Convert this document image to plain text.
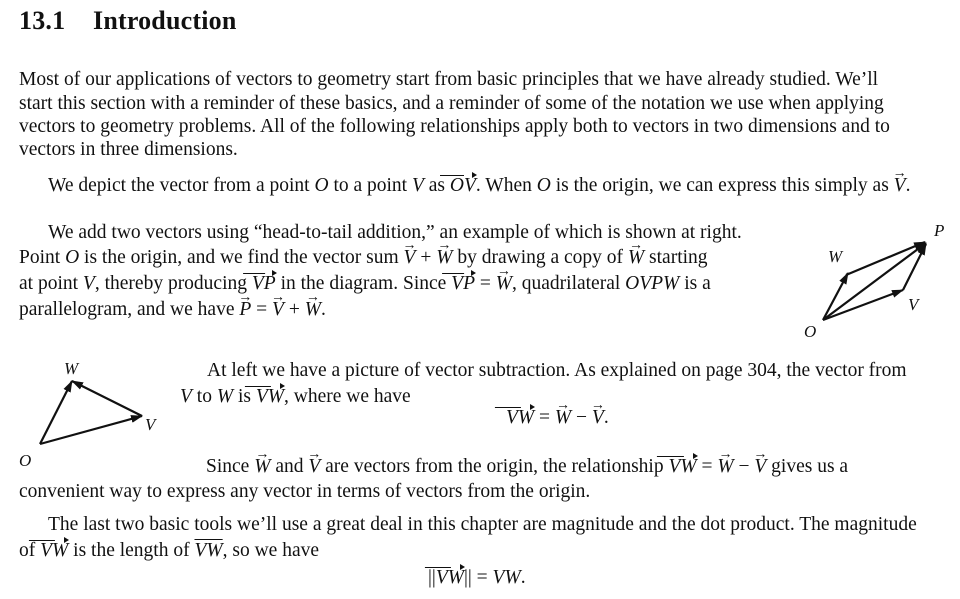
13.1 Introduction
Most of our applications of vectors to geometry start from basic principles that we have already studied. We’ll
start this section with a reminder of these basics, and a reminder of some of the notation we use when applying
vectors to geometry problems. All of the following relationships apply both to vectors in two dimensions and to
vectors in three dimensions.
We depict the vector from a point O to a point V as OV. When O is the origin, we can express this simply as → V.
We add two vectors using “head-to-tail addition,” an example of which is shown at right.
Point O is the origin, and we find the vector sum → V + → W by drawing a copy of → W starting
at point V, thereby producing VP in the diagram. Since VP = → W, quadrilateral OVPW is a
parallelogram, and we have → P = → V + → W.
O
V
W
P
O
V
W	At left we have a picture of vector subtraction. As explained on page 304, the vector from
V to W is VW, where we have
VW = → W − → V.
Since → W and → V are vectors from the origin, the relationship VW = → W − → V gives us a
convenient way to express any vector in terms of vectors from the origin.
The last two basic tools we’ll use a great deal in this chapter are magnitude and the dot product. The magnitude
of VW is the length of $\overline{VW}$, so we have
||VW|| = VW.
